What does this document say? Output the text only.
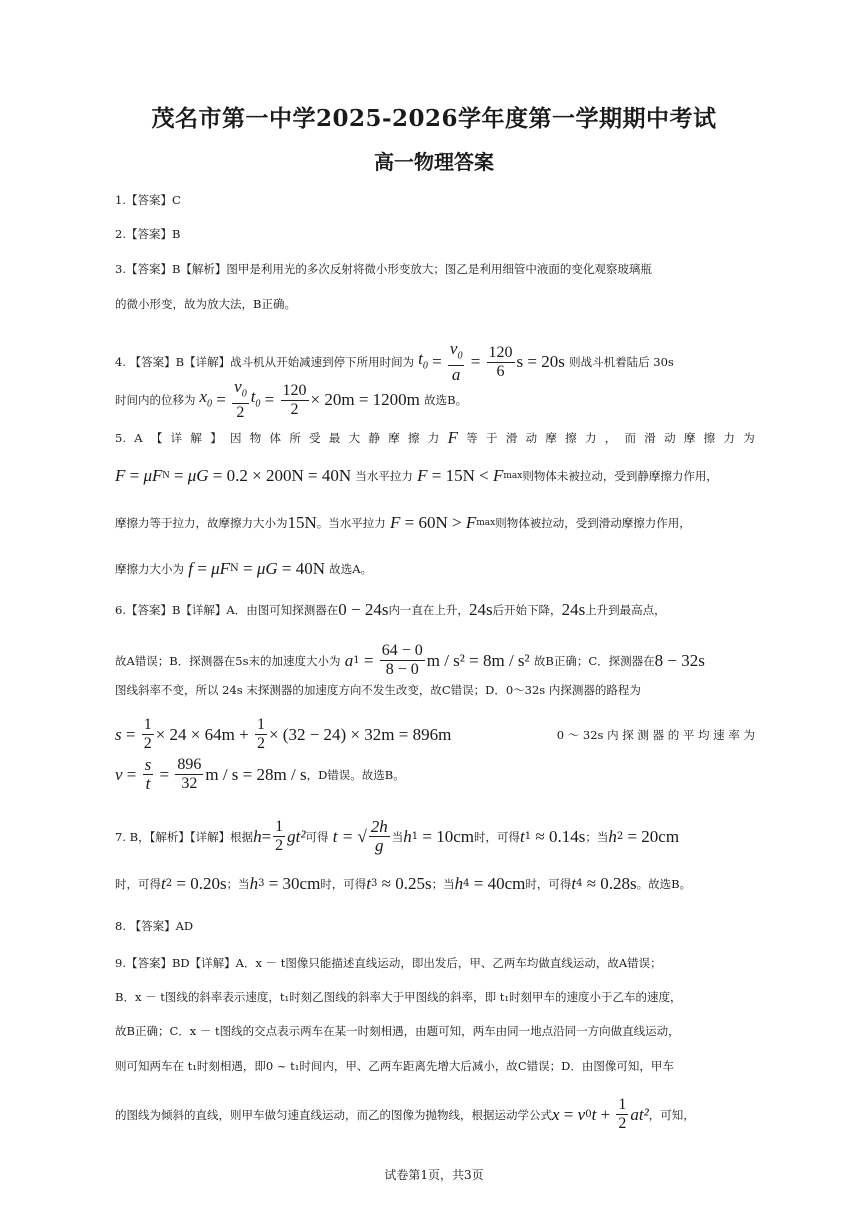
茂名市第一中学2025-2026学年度第一学期期中考试
高一物理答案
1.【答案】C
2.【答案】B
3.【答案】B【解析】图甲是利用光的多次反射将微小形变放大；图乙是利用细管中液面的变化观察玻璃瓶
的微小形变，故为放大法，B正确。
4. 【答案】B【详解】战斗机从开始减速到停下所用时间为 $t_0 = \frac{v_0}{a} = \frac{120}{6}$ s = 20s 则战斗机着陆后 30s
时间内的位移为 $x_0 = \frac{v_0}{2} t_0 = \frac{120}{2} \times 20m = 1200m$ 故选B。
5. A 【 详 解 】 因 物 体 所 受 最 大 静 摩 擦 力 F 等 于 滑 动 摩 擦 力 ， 而 滑 动 摩 擦 力 为
F = μF N = μG = 0.2 × 200N = 40N 当水平拉力 F = 15N < F max 则物体未被拉动，受到静摩擦力作用，
摩擦力等于拉力，故摩擦力大小为 15N 。当水平拉力 F = 60N > F max 则物体被拉动，受到滑动摩擦力作用，
摩擦力大小为 f = μF N = μG = 40N 故选A。
6.【答案】B【详解】A．由图可知探测器在 0 − 24s 内一直在上升， 24s 后开始下降， 24s 上升到最高点，
故A错误；B．探测器在5s末的加速度大小为 a $1 = \frac{64 - 0}{8 - 0}$ m / s² = 8m / s² 故B正确；C．探测器在 8 − 32s
图线斜率不变，所以 24s 末探测器的加速度方向不发生改变，故C错误；D．0～32s 内探测器的路程为
$s = \frac{1}{2} \times 24 \times 64m + \frac{1}{2} \times (32 - 24) \times 32m = 896m$	0 ～ 32s 内 探 测 器 的 平 均 速 率 为
$v = \frac{s}{t} = \frac{896}{32}$ m / s = 28m / s ，D错误。故选B。
7. B，【解析】【详解】根据 $h = \frac{1}{2} gt^2$ 可得 t = √ $\frac{2h}{g}$ 当 h 1 = 10cm 时，可得 t 1 ≈ 0.14s ；当 h 2 = 20cm
时，可得 t 2 = 0.20s ；当 h 3 = 30cm 时，可得 t 3 ≈ 0.25s ；当 h 4 = 40cm 时，可得 t 4 ≈ 0.28s 。故选B。
8. 【答案】AD
9.【答案】BD【详解】A．x － t图像只能描述直线运动，即出发后，甲、乙两车均做直线运动，故A错误；
B．x － t图线的斜率表示速度，t₁时刻乙图线的斜率大于甲图线的斜率，即 t₁时刻甲车的速度小于乙车的速度，
故B正确；C．x － t图线的交点表示两车在某一时刻相遇，由题可知，两车由同一地点沿同一方向做直线运动，
则可知两车在 t₁时刻相遇，即0 ~ t₁时间内，甲、乙两车距离先增大后减小，故C错误；D．由图像可知，甲车
的图线为倾斜的直线，则甲车做匀速直线运动，而乙的图像为抛物线，根据运动学公式 x = v 0 $t + \frac{1}{2} at^2$ ，可知，
试卷第1页，共3页
